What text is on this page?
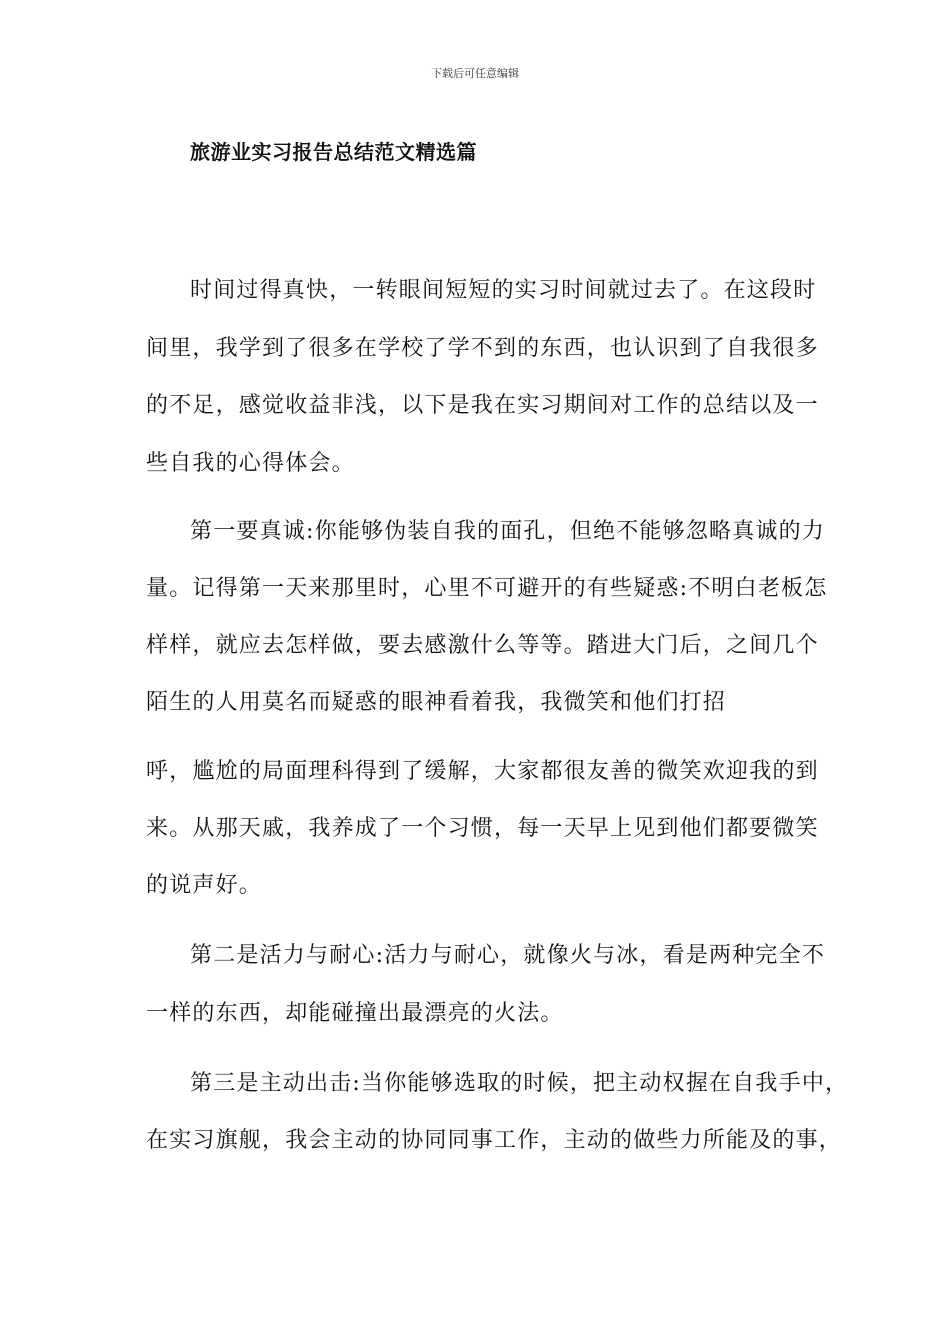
下载后可任意编辑
旅游业实习报告总结范文精选篇
时间过得真快，一转眼间短短的实习时间就过去了。在这段时
间里，我学到了很多在学校了学不到的东西，也认识到了自我很多
的不足，感觉收益非浅，以下是我在实习期间对工作的总结以及一
些自我的心得体会。
第一要真诚:你能够伪装自我的面孔，但绝不能够忽略真诚的力
量。记得第一天来那里时，心里不可避开的有些疑惑:不明白老板怎
样样，就应去怎样做，要去感激什么等等。踏进大门后，之间几个
陌生的人用莫名而疑惑的眼神看着我，我微笑和他们打招
呼，尴尬的局面理科得到了缓解，大家都很友善的微笑欢迎我的到
来。从那天戚，我养成了一个习惯，每一天早上见到他们都要微笑
的说声好。
第二是活力与耐心:活力与耐心，就像火与冰，看是两种完全不
一样的东西，却能碰撞出最漂亮的火法。
第三是主动出击:当你能够选取的时候，把主动权握在自我手中，
在实习旗舰，我会主动的协同同事工作，主动的做些力所能及的事，
